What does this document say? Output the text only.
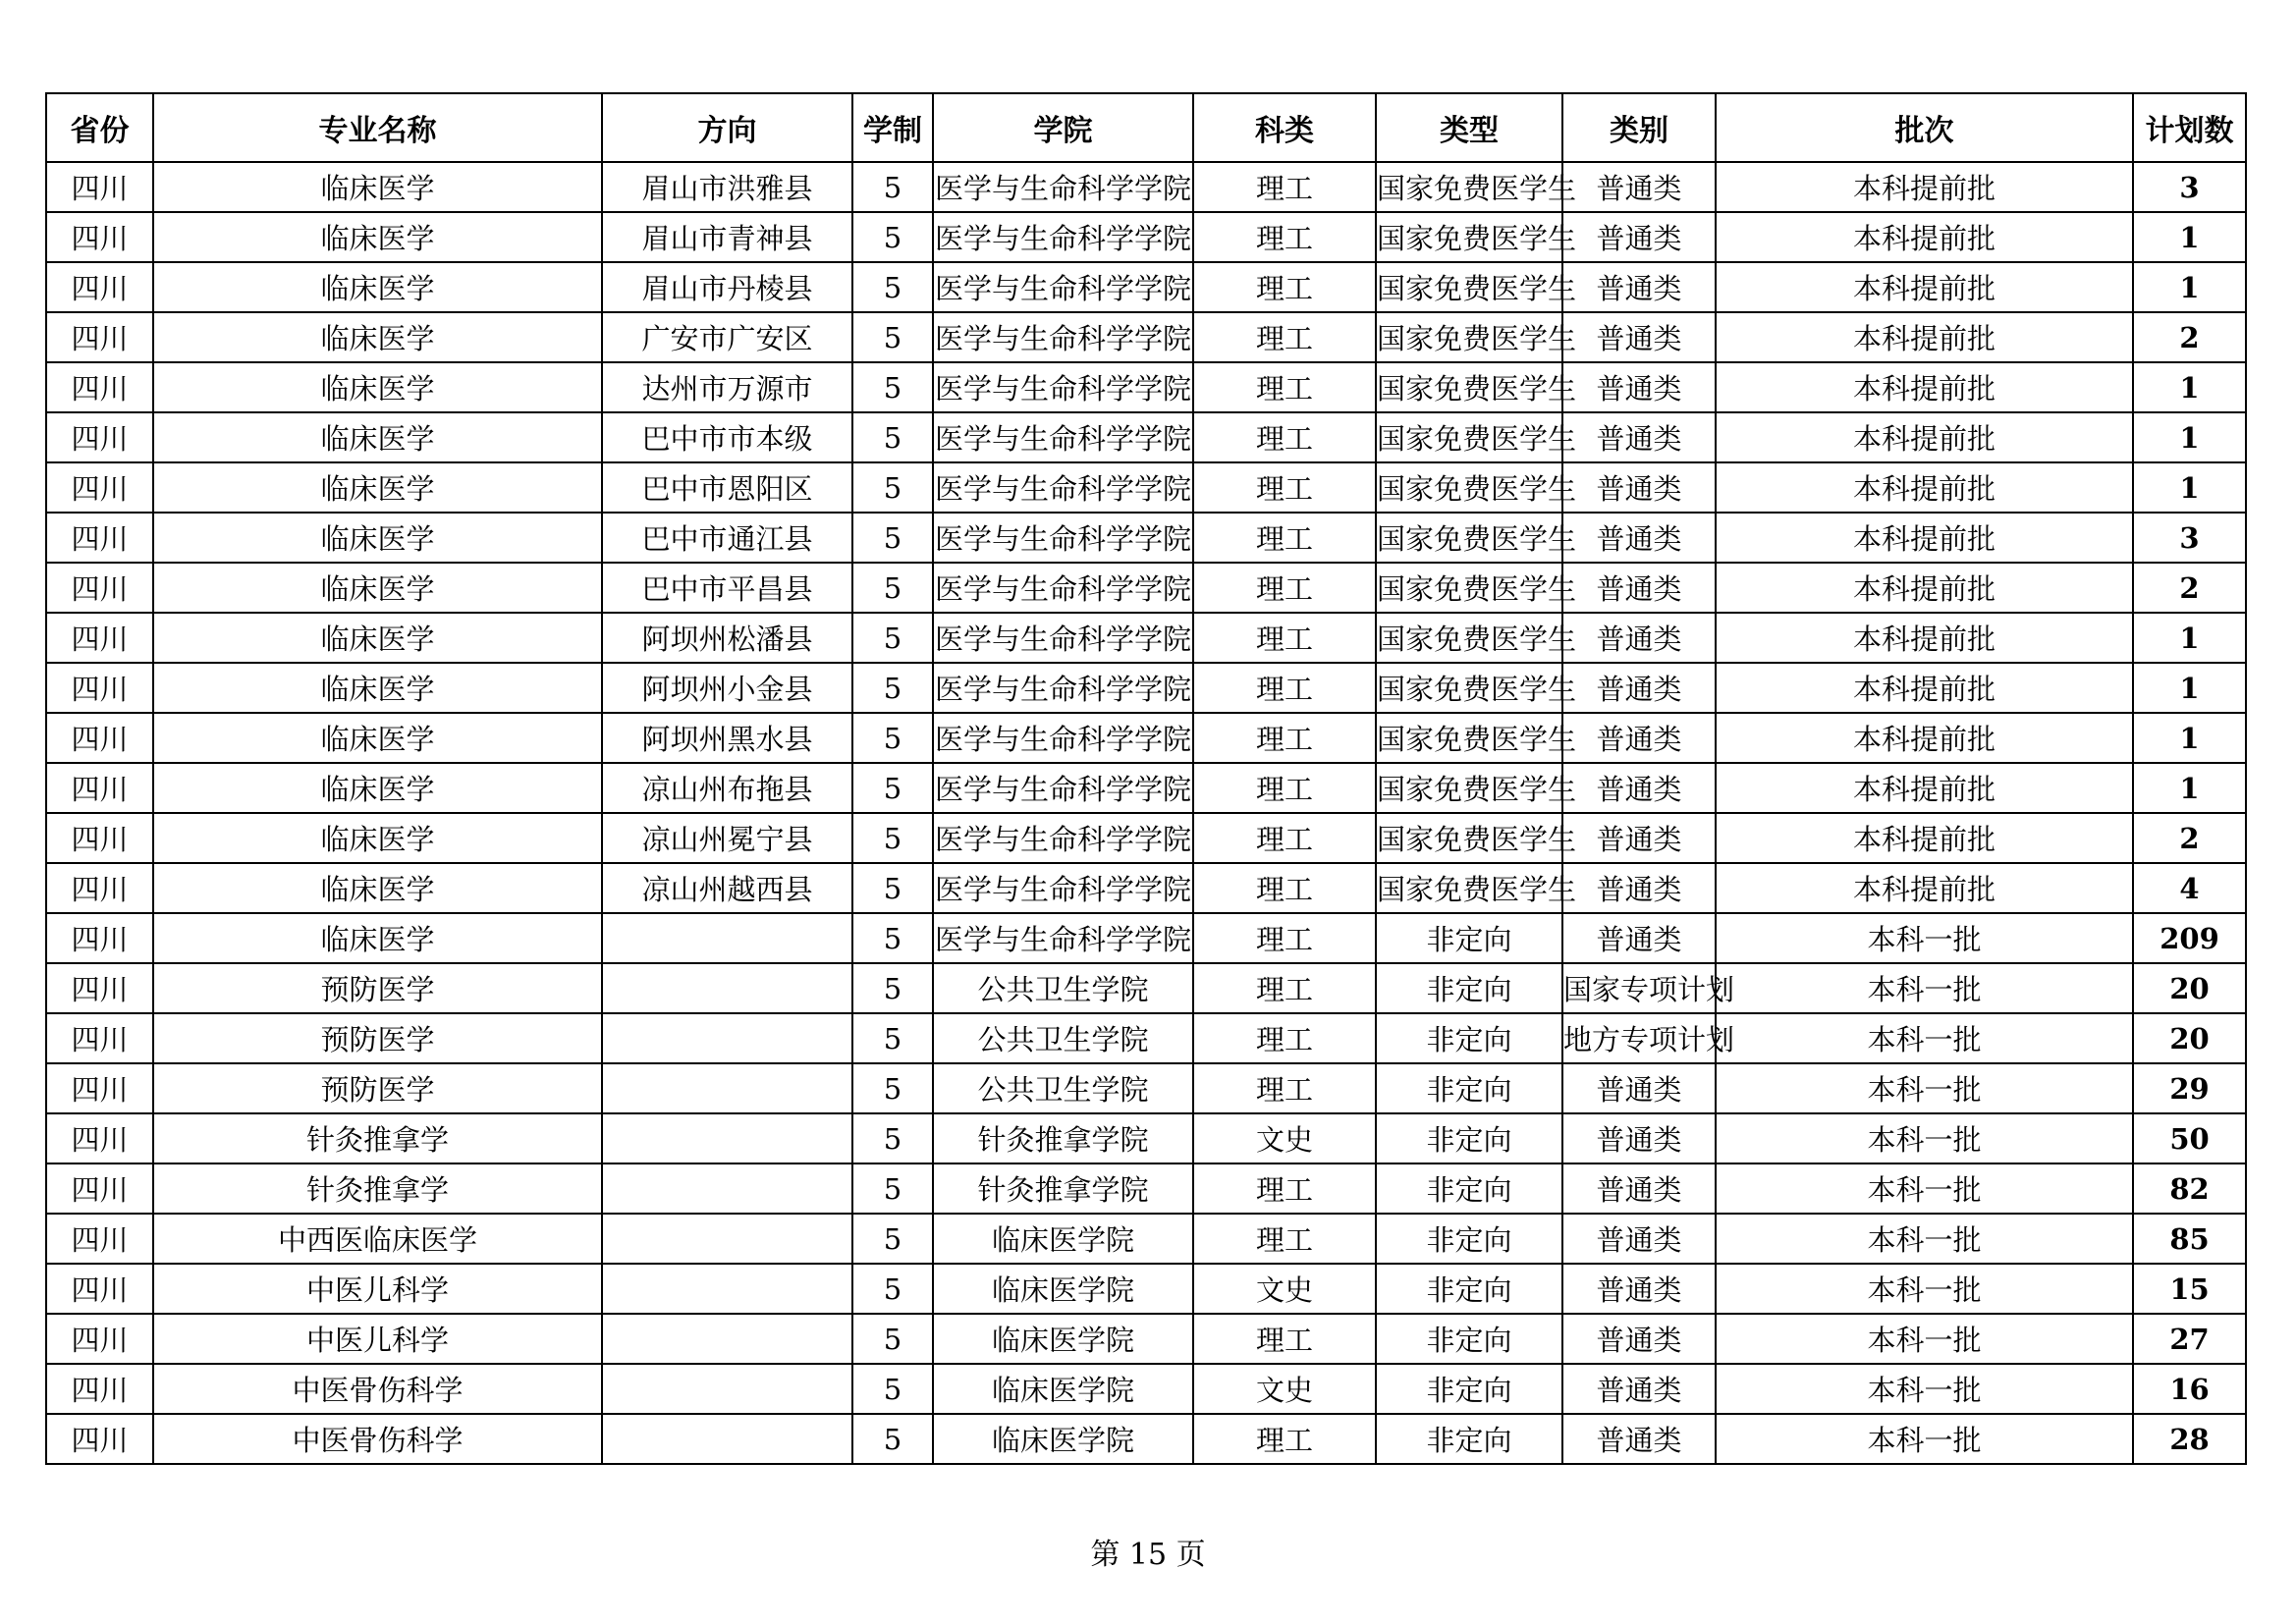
省份	专业名称	方向	学制	学院	科类	类型	类别	批次	计划数
四川	临床医学	眉山市洪雅县	5	医学与生命科学学院	理工	国家免费医学生	普通类	本科提前批	3
四川	临床医学	眉山市青神县	5	医学与生命科学学院	理工	国家免费医学生	普通类	本科提前批	1
四川	临床医学	眉山市丹棱县	5	医学与生命科学学院	理工	国家免费医学生	普通类	本科提前批	1
四川	临床医学	广安市广安区	5	医学与生命科学学院	理工	国家免费医学生	普通类	本科提前批	2
四川	临床医学	达州市万源市	5	医学与生命科学学院	理工	国家免费医学生	普通类	本科提前批	1
四川	临床医学	巴中市市本级	5	医学与生命科学学院	理工	国家免费医学生	普通类	本科提前批	1
四川	临床医学	巴中市恩阳区	5	医学与生命科学学院	理工	国家免费医学生	普通类	本科提前批	1
四川	临床医学	巴中市通江县	5	医学与生命科学学院	理工	国家免费医学生	普通类	本科提前批	3
四川	临床医学	巴中市平昌县	5	医学与生命科学学院	理工	国家免费医学生	普通类	本科提前批	2
四川	临床医学	阿坝州松潘县	5	医学与生命科学学院	理工	国家免费医学生	普通类	本科提前批	1
四川	临床医学	阿坝州小金县	5	医学与生命科学学院	理工	国家免费医学生	普通类	本科提前批	1
四川	临床医学	阿坝州黑水县	5	医学与生命科学学院	理工	国家免费医学生	普通类	本科提前批	1
四川	临床医学	凉山州布拖县	5	医学与生命科学学院	理工	国家免费医学生	普通类	本科提前批	1
四川	临床医学	凉山州冕宁县	5	医学与生命科学学院	理工	国家免费医学生	普通类	本科提前批	2
四川	临床医学	凉山州越西县	5	医学与生命科学学院	理工	国家免费医学生	普通类	本科提前批	4
四川	临床医学		5	医学与生命科学学院	理工	非定向	普通类	本科一批	209
四川	预防医学		5	公共卫生学院	理工	非定向	国家专项计划	本科一批	20
四川	预防医学		5	公共卫生学院	理工	非定向	地方专项计划	本科一批	20
四川	预防医学		5	公共卫生学院	理工	非定向	普通类	本科一批	29
四川	针灸推拿学		5	针灸推拿学院	文史	非定向	普通类	本科一批	50
四川	针灸推拿学		5	针灸推拿学院	理工	非定向	普通类	本科一批	82
四川	中西医临床医学		5	临床医学院	理工	非定向	普通类	本科一批	85
四川	中医儿科学		5	临床医学院	文史	非定向	普通类	本科一批	15
四川	中医儿科学		5	临床医学院	理工	非定向	普通类	本科一批	27
四川	中医骨伤科学		5	临床医学院	文史	非定向	普通类	本科一批	16
四川	中医骨伤科学		5	临床医学院	理工	非定向	普通类	本科一批	28
第 15 页
